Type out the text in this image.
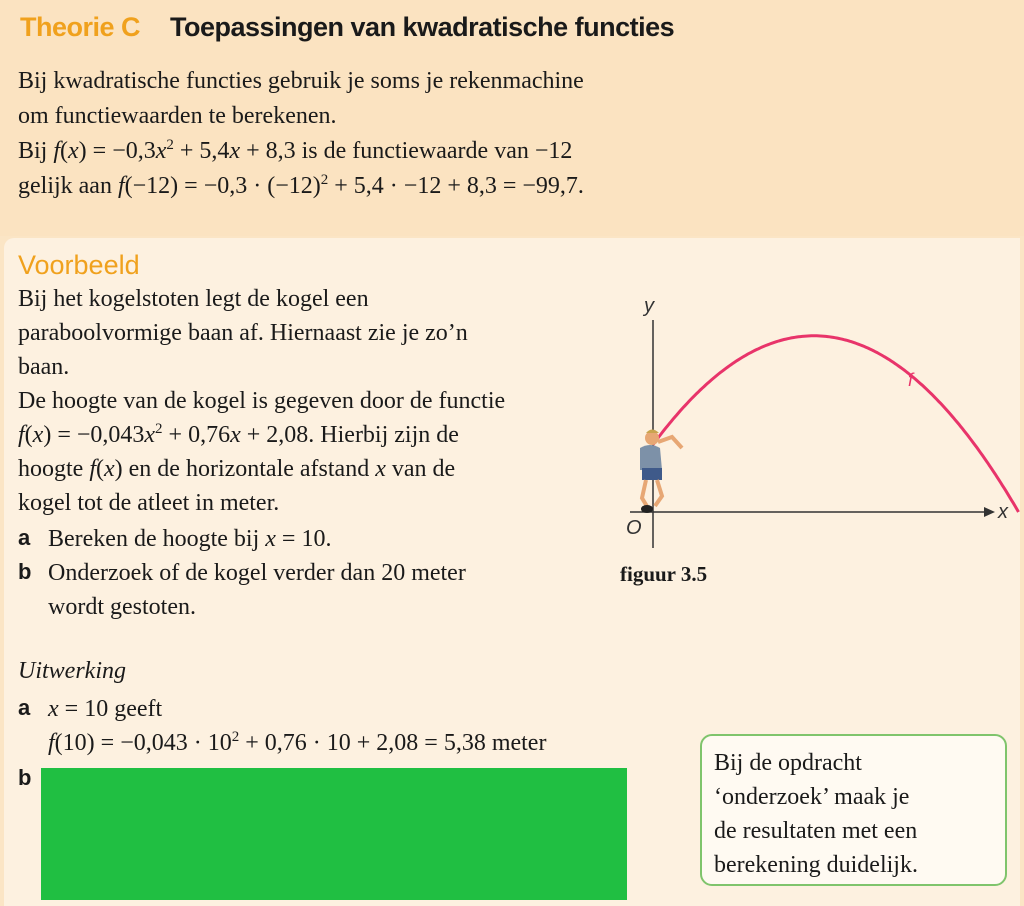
Theorie C Toepassingen van kwadratische functies
Bij kwadratische functies gebruik je soms je rekenmachine
om functiewaarden te berekenen.
Bij $f(x) = -0,3x^2 + 5,4x + 8,3$ is de functiewaarde van −12
gelijk aan $f(-12) = -0,3 \cdot (-12)^2 + 5,4 \cdot -12 + 8,3 = -99,7$.
Voorbeeld
Bij het kogelstoten legt de kogel een
paraboolvormige baan af. Hiernaast zie je zo’n
baan.
De hoogte van de kogel is gegeven door de functie
$f(x) = -0,043x^2 + 0,76x + 2,08$. Hierbij zijn de
hoogte f(x) en de horizontale afstand x van de
kogel tot de atleet in meter.
a Bereken de hoogte bij x = 10.
b Onderzoek of de kogel verder dan 20 meter
wordt gestoten.
y
x
O
f
figuur 3.5
Uitwerking
a x = 10 geeft
$f(10) = -0,043 \cdot 10^2 + 0,76 \cdot 10 + 2,08 = 5,38$ meter
b
Bij de opdracht
‘onderzoek’ maak je
de resultaten met een
berekening duidelijk.
